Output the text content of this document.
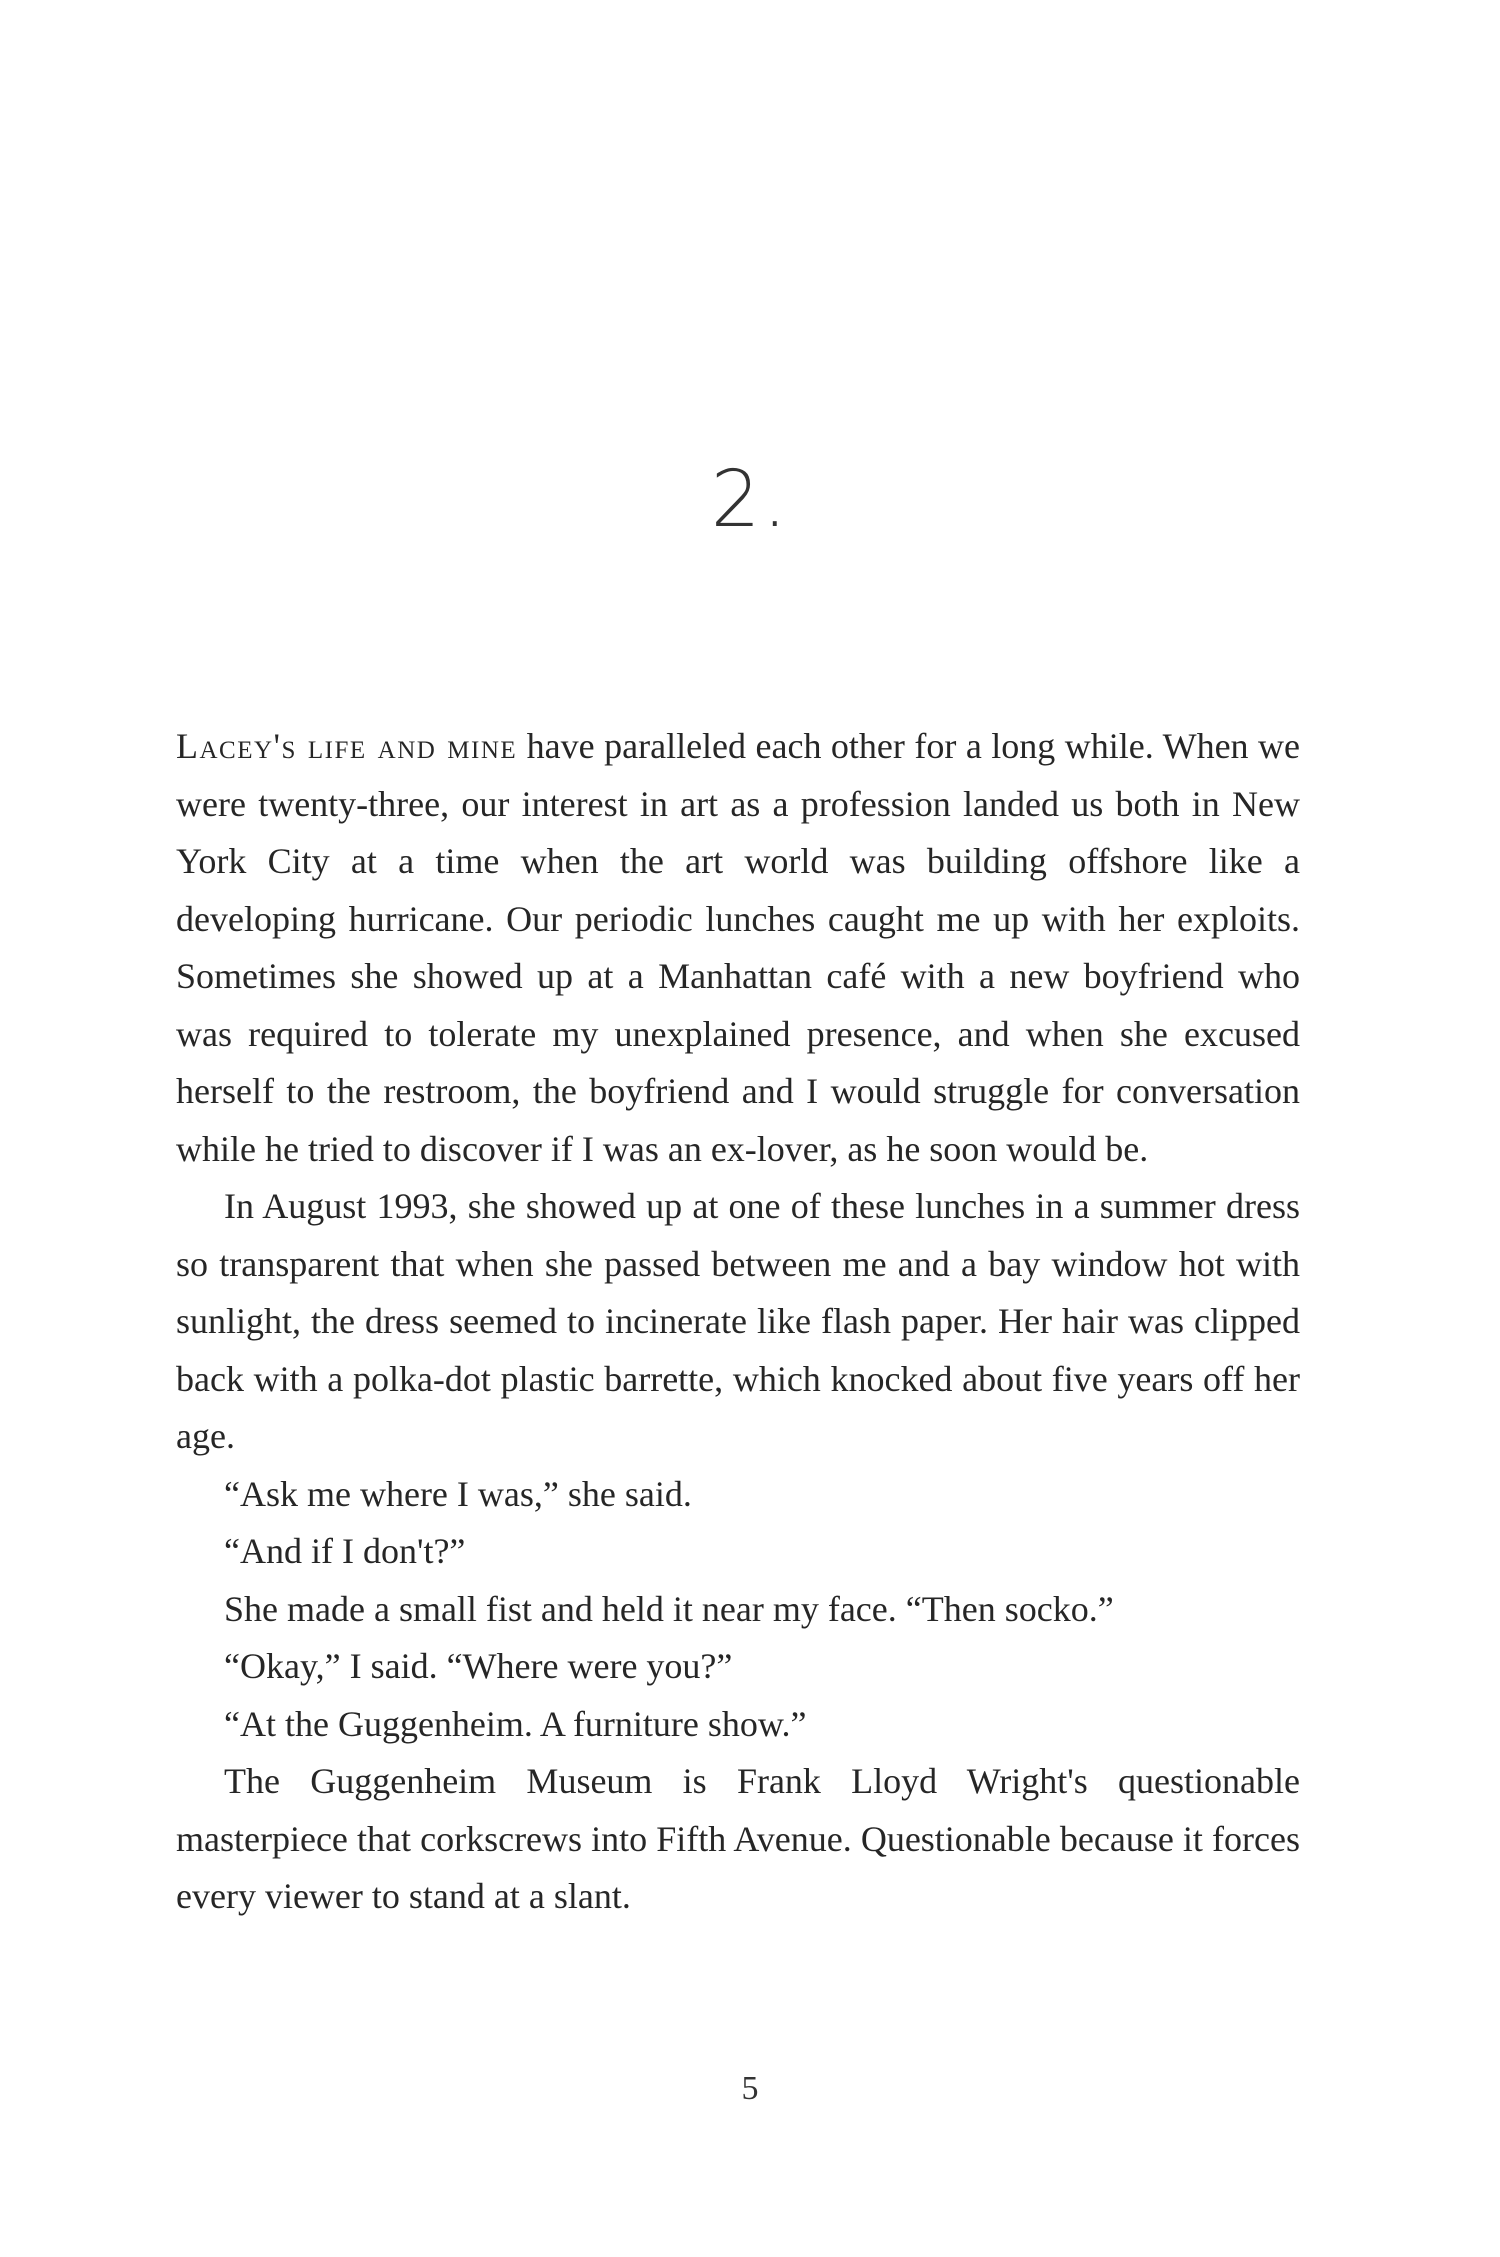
2.

Lacey's life and mine have paralleled each other for a long while. When we were twenty-three, our interest in art as a profession landed us both in New York City at a time when the art world was building offshore like a developing hurricane. Our periodic lunches caught me up with her exploits. Sometimes she showed up at a Manhattan café with a new boyfriend who was required to tolerate my unexplained presence, and when she excused herself to the restroom, the boyfriend and I would struggle for conversation while he tried to discover if I was an ex-lover, as he soon would be.

In August 1993, she showed up at one of these lunches in a summer dress so transparent that when she passed between me and a bay window hot with sunlight, the dress seemed to incinerate like flash paper. Her hair was clipped back with a polka-dot plastic barrette, which knocked about five years off her age.

“Ask me where I was,” she said.

“And if I don't?”

She made a small fist and held it near my face. “Then socko.”

“Okay,” I said. “Where were you?”

“At the Guggenheim. A furniture show.”

The Guggenheim Museum is Frank Lloyd Wright's questionable masterpiece that corkscrews into Fifth Avenue. Questionable because it forces every viewer to stand at a slant.

5
